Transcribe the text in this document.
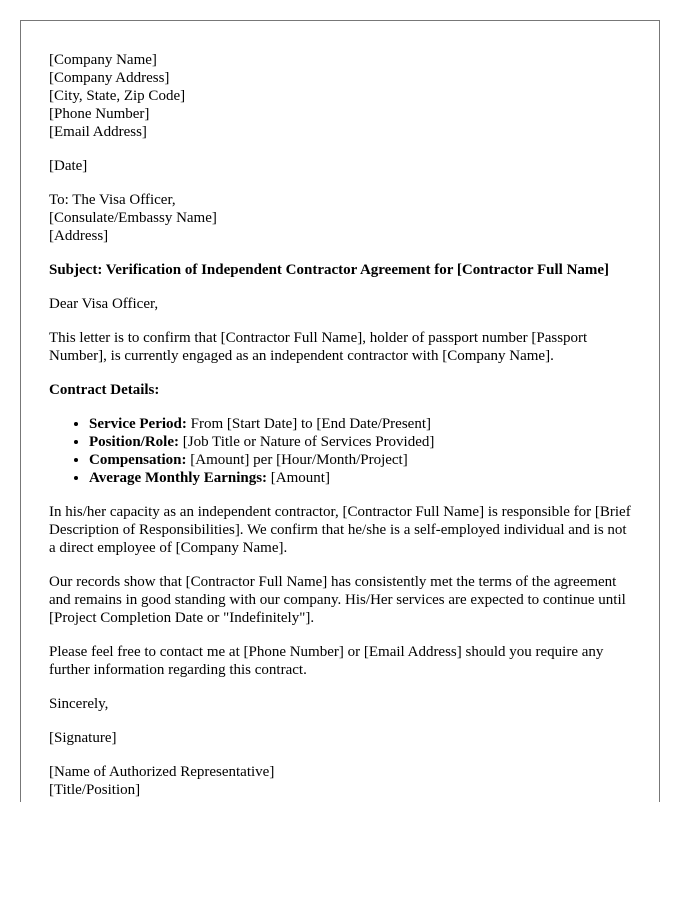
[Company Name]
[Company Address]
[City, State, Zip Code]
[Phone Number]
[Email Address]

[Date]

To: The Visa Officer,
[Consulate/Embassy Name]
[Address]

Subject: Verification of Independent Contractor Agreement for [Contractor Full Name]

Dear Visa Officer,

This letter is to confirm that [Contractor Full Name], holder of passport number [Passport Number], is currently engaged as an independent contractor with [Company Name].

Contract Details:

• Service Period: From [Start Date] to [End Date/Present]
• Position/Role: [Job Title or Nature of Services Provided]
• Compensation: [Amount] per [Hour/Month/Project]
• Average Monthly Earnings: [Amount]

In his/her capacity as an independent contractor, [Contractor Full Name] is responsible for [Brief Description of Responsibilities]. We confirm that he/she is a self-employed individual and is not a direct employee of [Company Name].

Our records show that [Contractor Full Name] has consistently met the terms of the agreement and remains in good standing with our company. His/Her services are expected to continue until [Project Completion Date or "Indefinitely"].

Please feel free to contact me at [Phone Number] or [Email Address] should you require any further information regarding this contract.

Sincerely,

[Signature]

[Name of Authorized Representative]
[Title/Position]
